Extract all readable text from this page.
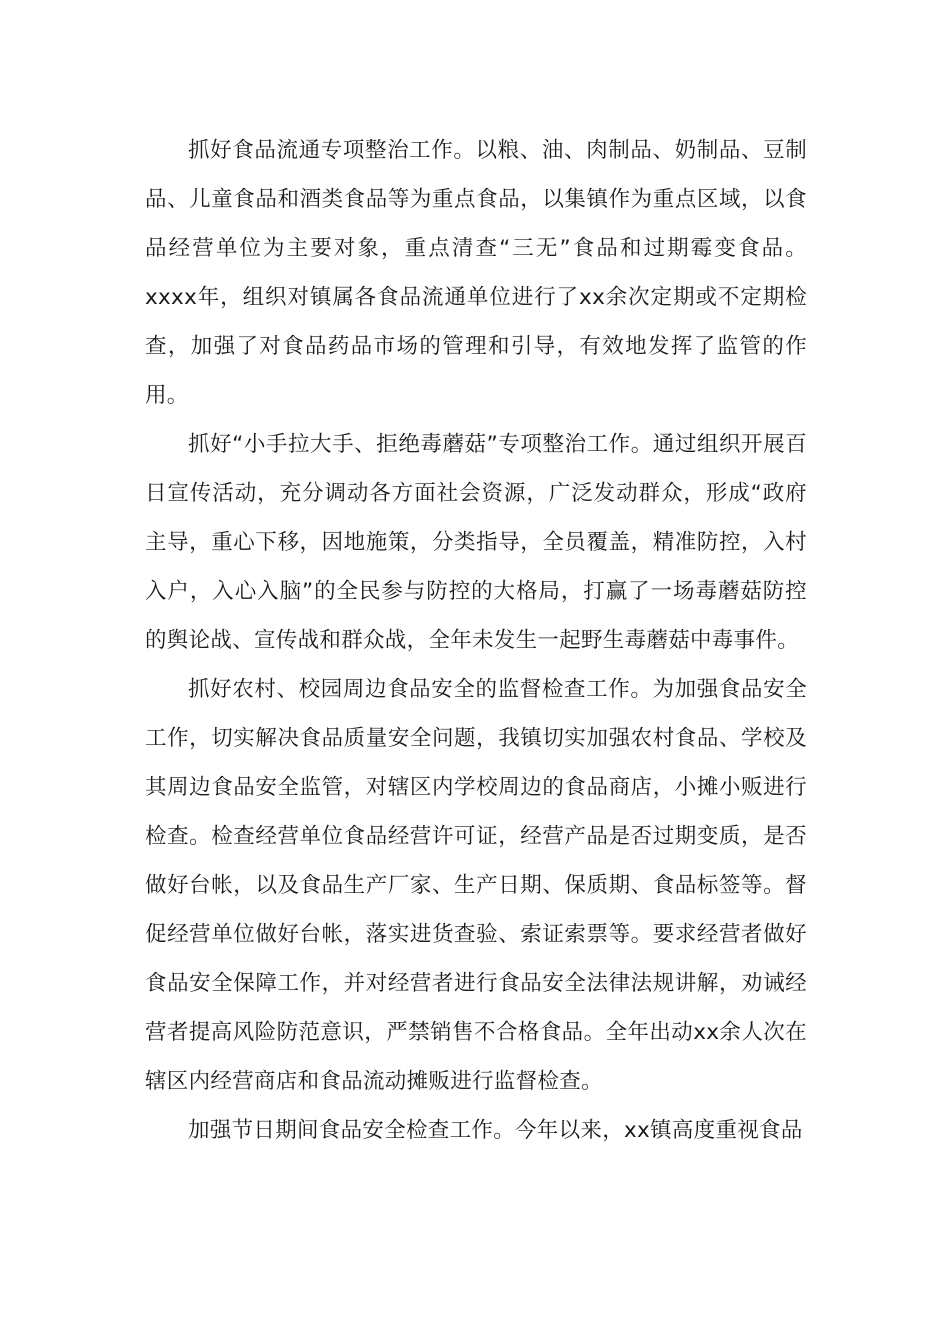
抓好食品流通专项整治工作。以粮、油、肉制品、奶制品、豆制品、儿童食品和酒类食品等为重点食品，以集镇作为重点区域，以食品经营单位为主要对象，重点清查“三无”食品和过期霉变食品。xxxx年，组织对镇属各食品流通单位进行了xx余次定期或不定期检查，加强了对食品药品市场的管理和引导，有效地发挥了监管的作用。

抓好“小手拉大手、拒绝毒蘑菇”专项整治工作。通过组织开展百日宣传活动，充分调动各方面社会资源，广泛发动群众，形成“政府主导，重心下移，因地施策，分类指导，全员覆盖，精准防控，入村入户，入心入脑”的全民参与防控的大格局，打赢了一场毒蘑菇防控的舆论战、宣传战和群众战，全年未发生一起野生毒蘑菇中毒事件。

抓好农村、校园周边食品安全的监督检查工作。为加强食品安全工作，切实解决食品质量安全问题，我镇切实加强农村食品、学校及其周边食品安全监管，对辖区内学校周边的食品商店，小摊小贩进行检查。检查经营单位食品经营许可证，经营产品是否过期变质，是否做好台帐，以及食品生产厂家、生产日期、保质期、食品标签等。督促经营单位做好台帐，落实进货查验、索证索票等。要求经营者做好食品安全保障工作，并对经营者进行食品安全法律法规讲解，劝诫经营者提高风险防范意识，严禁销售不合格食品。全年出动xx余人次在辖区内经营商店和食品流动摊贩进行监督检查。

加强节日期间食品安全检查工作。今年以来，xx镇高度重视食品
